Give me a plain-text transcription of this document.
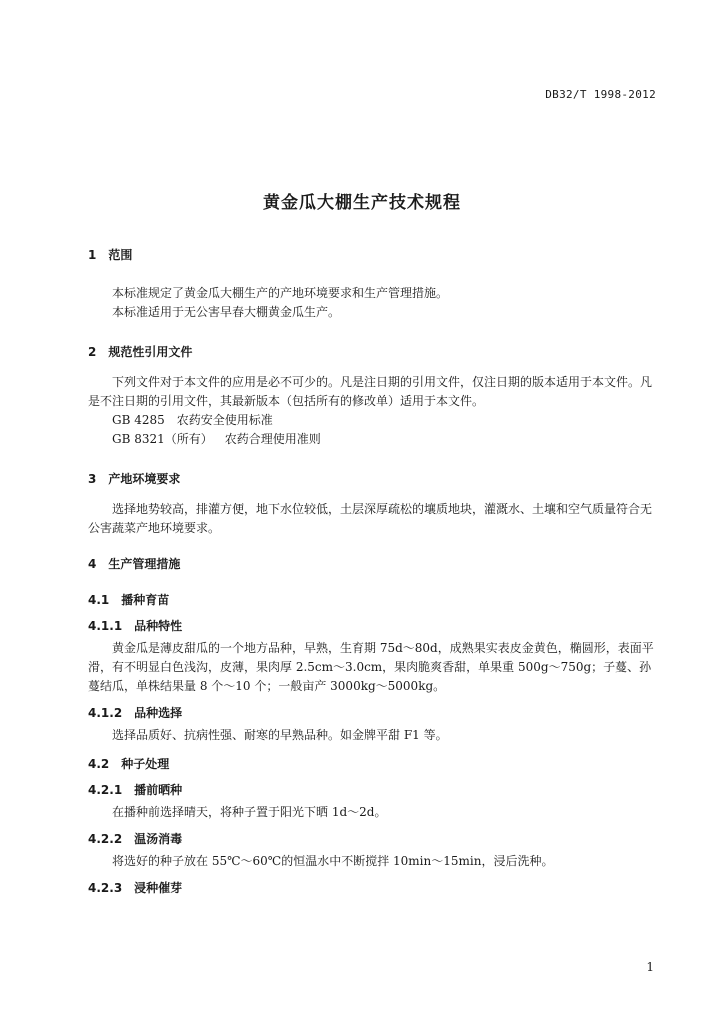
DB32/T 1998-2012
黄金瓜大棚生产技术规程
1 范围

本标准规定了黄金瓜大棚生产的产地环境要求和生产管理措施。

本标准适用于无公害早春大棚黄金瓜生产。

2 规范性引用文件

下列文件对于本文件的应用是必不可少的。凡是注日期的引用文件，仅注日期的版本适用于本文件。凡是不注日期的引用文件，其最新版本（包括所有的修改单）适用于本文件。

GB 4285 农药安全使用标准
GB 8321（所有） 农药合理使用准则
3 产地环境要求

选择地势较高，排灌方便，地下水位较低，土层深厚疏松的壤质地块，灌溉水、土壤和空气质量符合无公害蔬菜产地环境要求。

4 生产管理措施
4.1 播种育苗
4.1.1 品种特性

黄金瓜是薄皮甜瓜的一个地方品种，早熟，生育期 75d～80d，成熟果实表皮金黄色，椭圆形，表面平滑，有不明显白色浅沟，皮薄，果肉厚 2.5cm～3.0cm，果肉脆爽香甜，单果重 500g～750g；子蔓、孙蔓结瓜，单株结果量 8 个～10 个；一般亩产 3000kg～5000kg。

4.1.2 品种选择

选择品质好、抗病性强、耐寒的早熟品种。如金牌平甜 F1 等。

4.2 种子处理
4.2.1 播前晒种

在播种前选择晴天，将种子置于阳光下晒 1d～2d。

4.2.2 温汤消毒

将选好的种子放在 55℃～60℃的恒温水中不断搅拌 10min～15min，浸后洗种。

4.2.3 浸种催芽
1
